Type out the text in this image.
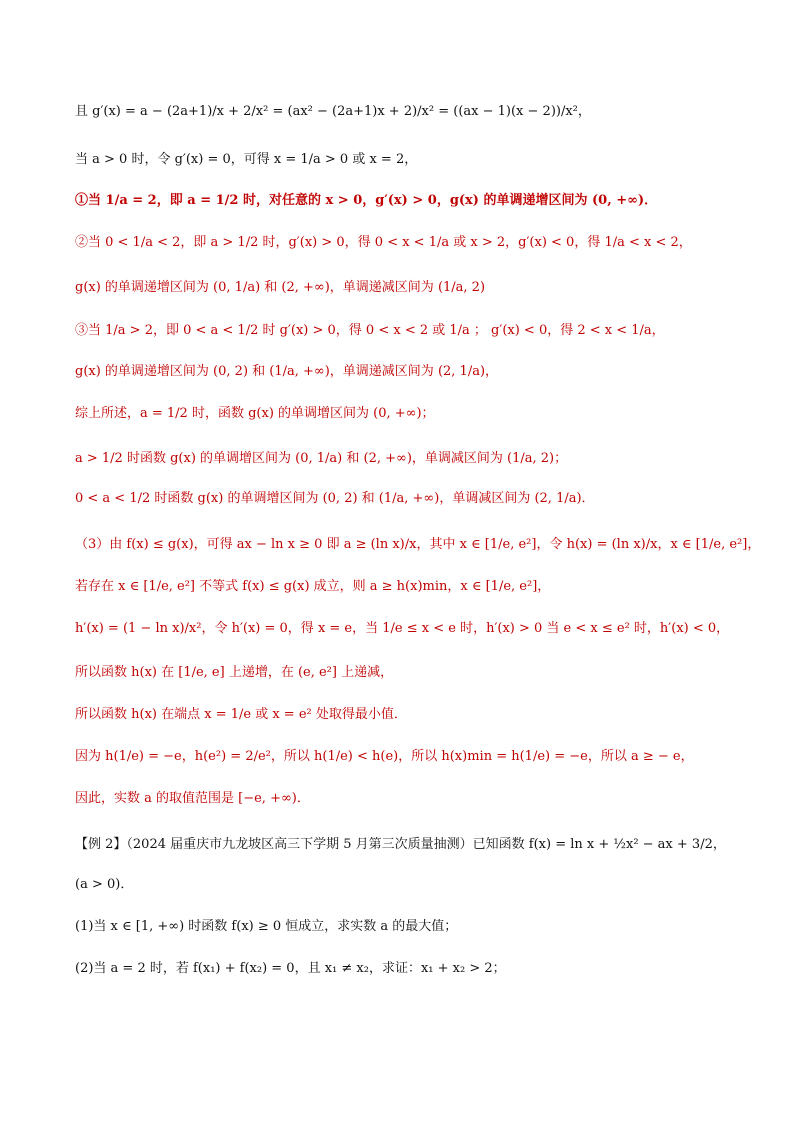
且 g′(x) = a − (2a+1)/x + 2/x² = (ax² − (2a+1)x + 2)/x² = ((ax − 1)(x − 2))/x²，
当 a > 0 时，令 g′(x) = 0，可得 x = 1/a > 0 或 x = 2，
①当 1/a = 2，即 a = 1/2 时，对任意的 x > 0，g′(x) > 0，g(x) 的单调递增区间为 (0, +∞)．
②当 0 < 1/a < 2，即 a > 1/2 时，g′(x) > 0，得 0 < x < 1/a 或 x > 2，g′(x) < 0，得 1/a < x < 2，
g(x) 的单调递增区间为 (0, 1/a) 和 (2, +∞)，单调递减区间为 (1/a, 2)
③当 1/a > 2，即 0 < a < 1/2 时 g′(x) > 0，得 0 < x < 2 或 1/a ； g′(x) < 0，得 2 < x < 1/a，
g(x) 的单调递增区间为 (0, 2) 和 (1/a, +∞)，单调递减区间为 (2, 1/a)，
综上所述，a = 1/2 时，函数 g(x) 的单调增区间为 (0, +∞)；
a > 1/2 时函数 g(x) 的单调增区间为 (0, 1/a) 和 (2, +∞)，单调减区间为 (1/a, 2)；
0 < a < 1/2 时函数 g(x) 的单调增区间为 (0, 2) 和 (1/a, +∞)，单调减区间为 (2, 1/a)．
（3）由 f(x) ≤ g(x)，可得 ax − ln x ≥ 0 即 a ≥ (ln x)/x，其中 x ∈ [1/e, e²]，令 h(x) = (ln x)/x，x ∈ [1/e, e²]，
若存在 x ∈ [1/e, e²] 不等式 f(x) ≤ g(x) 成立，则 a ≥ h(x)min，x ∈ [1/e, e²]，
h′(x) = (1 − ln x)/x²，令 h′(x) = 0，得 x = e，当 1/e ≤ x < e 时，h′(x) > 0 当 e < x ≤ e² 时，h′(x) < 0，
所以函数 h(x) 在 [1/e, e] 上递增，在 (e, e²] 上递减，
所以函数 h(x) 在端点 x = 1/e 或 x = e² 处取得最小值．
因为 h(1/e) = −e，h(e²) = 2/e²，所以 h(1/e) < h(e)，所以 h(x)min = h(1/e) = −e，所以 a ≥ − e，
因此，实数 a 的取值范围是 [−e, +∞)．
【例 2】（2024 届重庆市九龙坡区高三下学期 5 月第三次质量抽测）已知函数 f(x) = ln x + ½x² − ax + 3/2，
(a > 0)．
(1)当 x ∈ [1, +∞) 时函数 f(x) ≥ 0 恒成立，求实数 a 的最大值；
(2)当 a = 2 时，若 f(x₁) + f(x₂) = 0，且 x₁ ≠ x₂，求证：x₁ + x₂ > 2；
